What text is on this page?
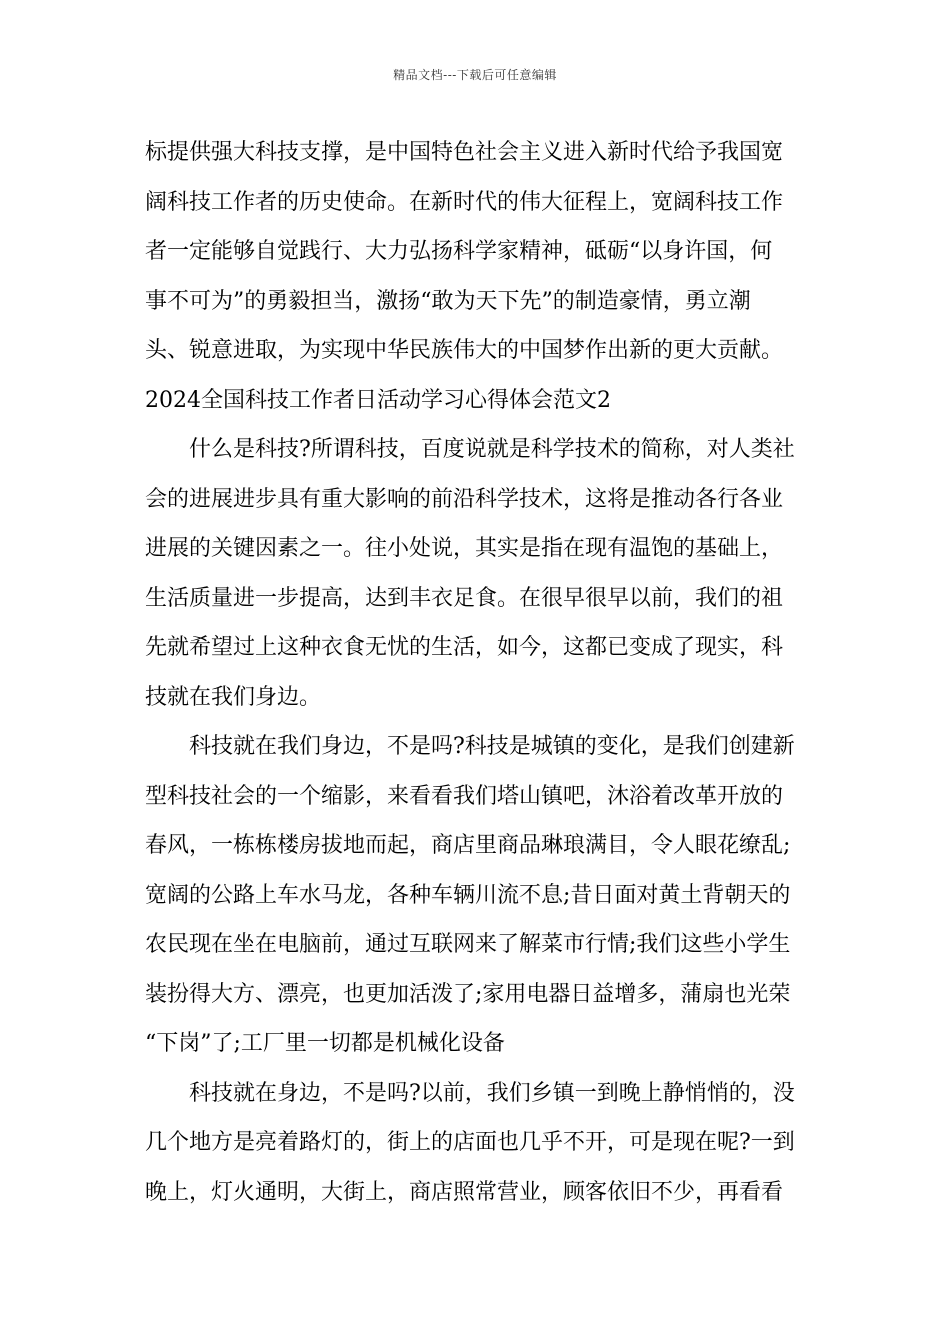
精品文档---下载后可任意编辑
标提供强大科技支撑，是中国特色社会主义进入新时代给予我国宽
阔科技工作者的历史使命。在新时代的伟大征程上，宽阔科技工作
者一定能够自觉践行、大力弘扬科学家精神，砥砺“以身许国，何
事不可为”的勇毅担当，激扬“敢为天下先”的制造豪情，勇立潮
头、锐意进取，为实现中华民族伟大的中国梦作出新的更大贡献。
2024全国科技工作者日活动学习心得体会范文2
什么是科技?所谓科技，百度说就是科学技术的简称，对人类社
会的进展进步具有重大影响的前沿科学技术，这将是推动各行各业
进展的关键因素之一。往小处说，其实是指在现有温饱的基础上，
生活质量进一步提高，达到丰衣足食。在很早很早以前，我们的祖
先就希望过上这种衣食无忧的生活，如今，这都已变成了现实，科
技就在我们身边。
科技就在我们身边，不是吗?科技是城镇的变化，是我们创建新
型科技社会的一个缩影，来看看我们塔山镇吧，沐浴着改革开放的
春风，一栋栋楼房拔地而起，商店里商品琳琅满目，令人眼花缭乱;
宽阔的公路上车水马龙，各种车辆川流不息;昔日面对黄土背朝天的
农民现在坐在电脑前，通过互联网来了解菜市行情;我们这些小学生
装扮得大方、漂亮，也更加活泼了;家用电器日益增多，蒲扇也光荣
“下岗”了;工厂里一切都是机械化设备
科技就在身边，不是吗?以前，我们乡镇一到晚上静悄悄的，没
几个地方是亮着路灯的，街上的店面也几乎不开，可是现在呢?一到
晚上，灯火通明，大街上，商店照常营业，顾客依旧不少，再看看
